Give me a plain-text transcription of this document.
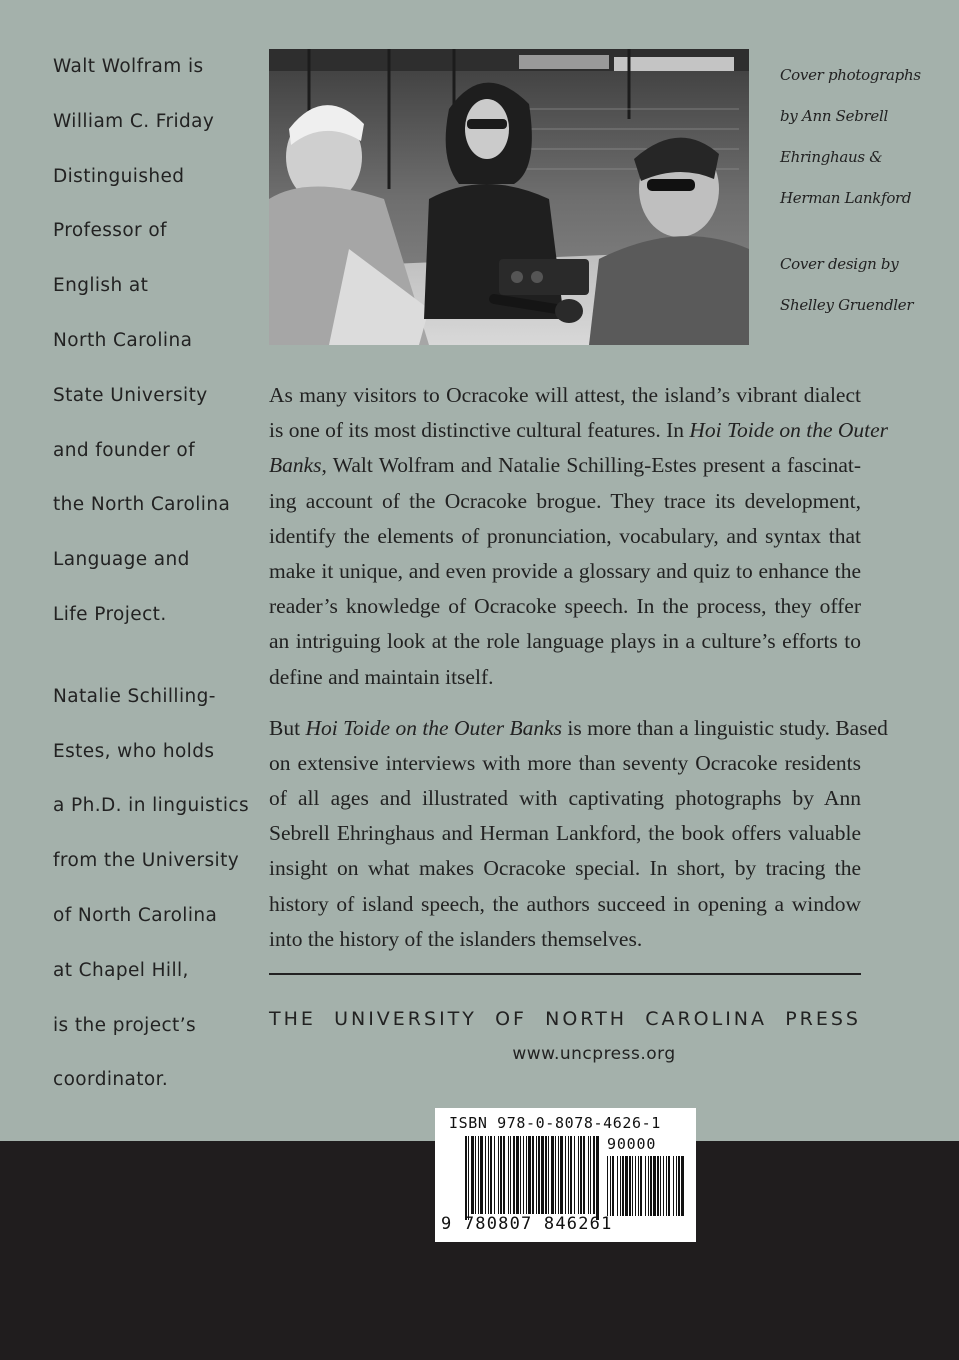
Walt Wolfram is
William C. Friday
Distinguished
Professor of
English at
North Carolina
State University
and founder of
the North Carolina
Language and
Life Project.
Natalie Schilling-
Estes, who holds
a Ph.D. in linguistics
from the University
of North Carolina
at Chapel Hill,
is the project’s
coordinator.
Cover photographs
by Ann Sebrell
Ehringhaus &
Herman Lankford
Cover design by
Shelley Gruendler
As many visitors to Ocracoke will attest, the island’s vibrant dialect
is one of its most distinctive cultural features. In Hoi Toide on the Outer
Banks, Walt Wolfram and Natalie Schilling-Estes present a fascinat-
ing account of the Ocracoke brogue. They trace its development,
identify the elements of pronunciation, vocabulary, and syntax that
make it unique, and even provide a glossary and quiz to enhance the
reader’s knowledge of Ocracoke speech. In the process, they offer
an intriguing look at the role language plays in a culture’s efforts to
define and maintain itself.
But Hoi Toide on the Outer Banks is more than a linguistic study. Based
on extensive interviews with more than seventy Ocracoke residents
of all ages and illustrated with captivating photographs by Ann
Sebrell Ehringhaus and Herman Lankford, the book offers valuable
insight on what makes Ocracoke special. In short, by tracing the
history of island speech, the authors succeed in opening a window
into the history of the islanders themselves.
THE UNIVERSITY OF NORTH CAROLINA PRESS
www.uncpress.org
ISBN 978-0-8078-4626-1
90000
9 780807 846261
